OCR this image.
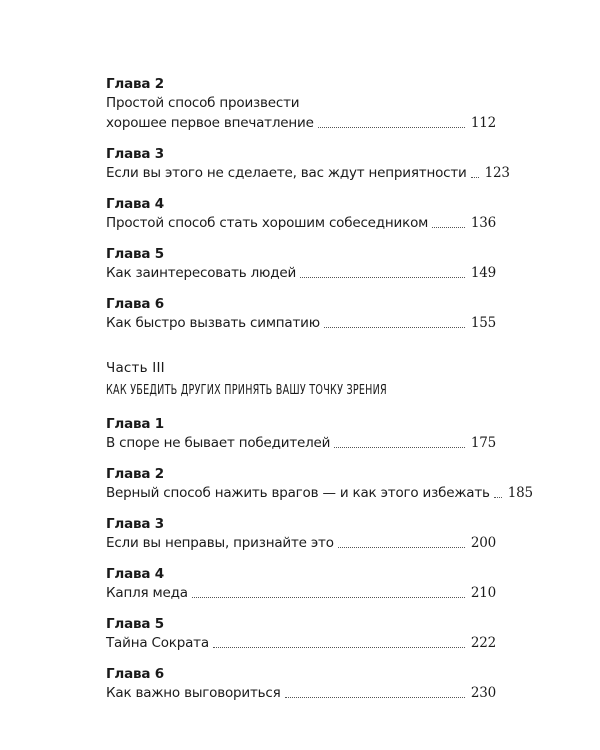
Глава 2
Простой способ произвести
хорошее первое впечатление	112
Глава 3
Если вы этого не сделаете, вас ждут неприятности 123
Глава 4
Простой способ стать хорошим собеседником	136
Глава 5
Как заинтересовать людей	149
Глава 6
Как быстро вызвать симпатию	155
Часть III
КАК УБЕДИТЬ ДРУГИХ ПРИНЯТЬ ВАШУ ТОЧКУ ЗРЕНИЯ
Глава 1
В споре не бывает победителей	175
Глава 2
Верный способ нажить врагов — и как этого избежать 185
Глава 3
Если вы неправы, признайте это	200
Глава 4
Капля меда	210
Глава 5
Тайна Сократа	222
Глава 6
Как важно выговориться	230
